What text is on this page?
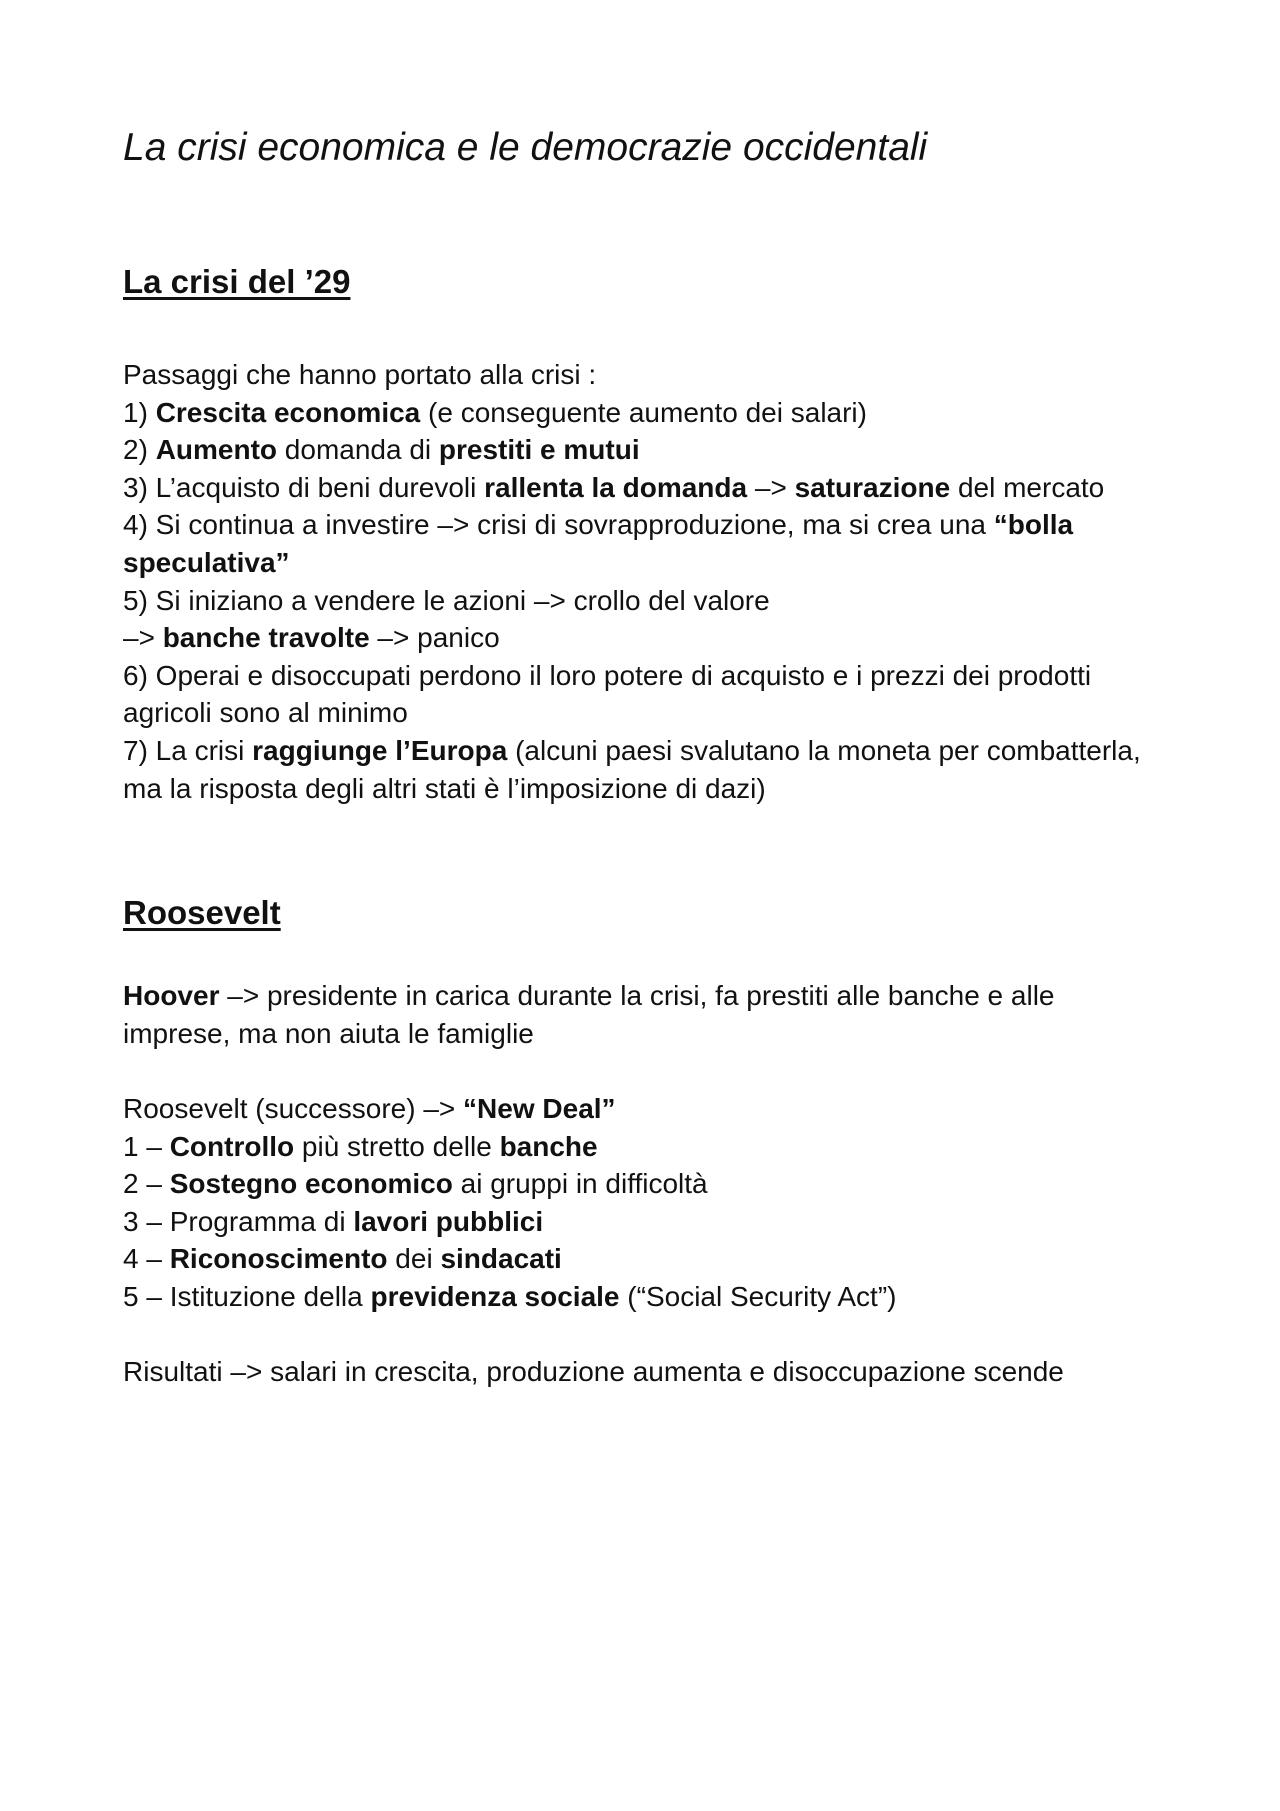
La crisi economica e le democrazie occidentali
La crisi del ’29

Passaggi che hanno portato alla crisi :

1) Crescita economica (e conseguente aumento dei salari)

2) Aumento domanda di prestiti e mutui

3) L’acquisto di beni durevoli rallenta la domanda –> saturazione del mercato

4) Si continua a investire –> crisi di sovrapproduzione, ma si crea una “bolla speculativa”

5) Si iniziano a vendere le azioni –> crollo del valore
–> banche travolte –> panico

6) Operai e disoccupati perdono il loro potere di acquisto e i prezzi dei prodotti agricoli sono al minimo

7) La crisi raggiunge l’Europa (alcuni paesi svalutano la moneta per combatterla, ma la risposta degli altri stati è l’imposizione di dazi)

Roosevelt

Hoover –> presidente in carica durante la crisi, fa prestiti alle banche e alle imprese, ma non aiuta le famiglie

Roosevelt (successore) –> “New Deal”

1 – Controllo più stretto delle banche

2 – Sostegno economico ai gruppi in difficoltà

3 – Programma di lavori pubblici

4 – Riconoscimento dei sindacati

5 – Istituzione della previdenza sociale (“Social Security Act”)

Risultati –> salari in crescita, produzione aumenta e disoccupazione scende
